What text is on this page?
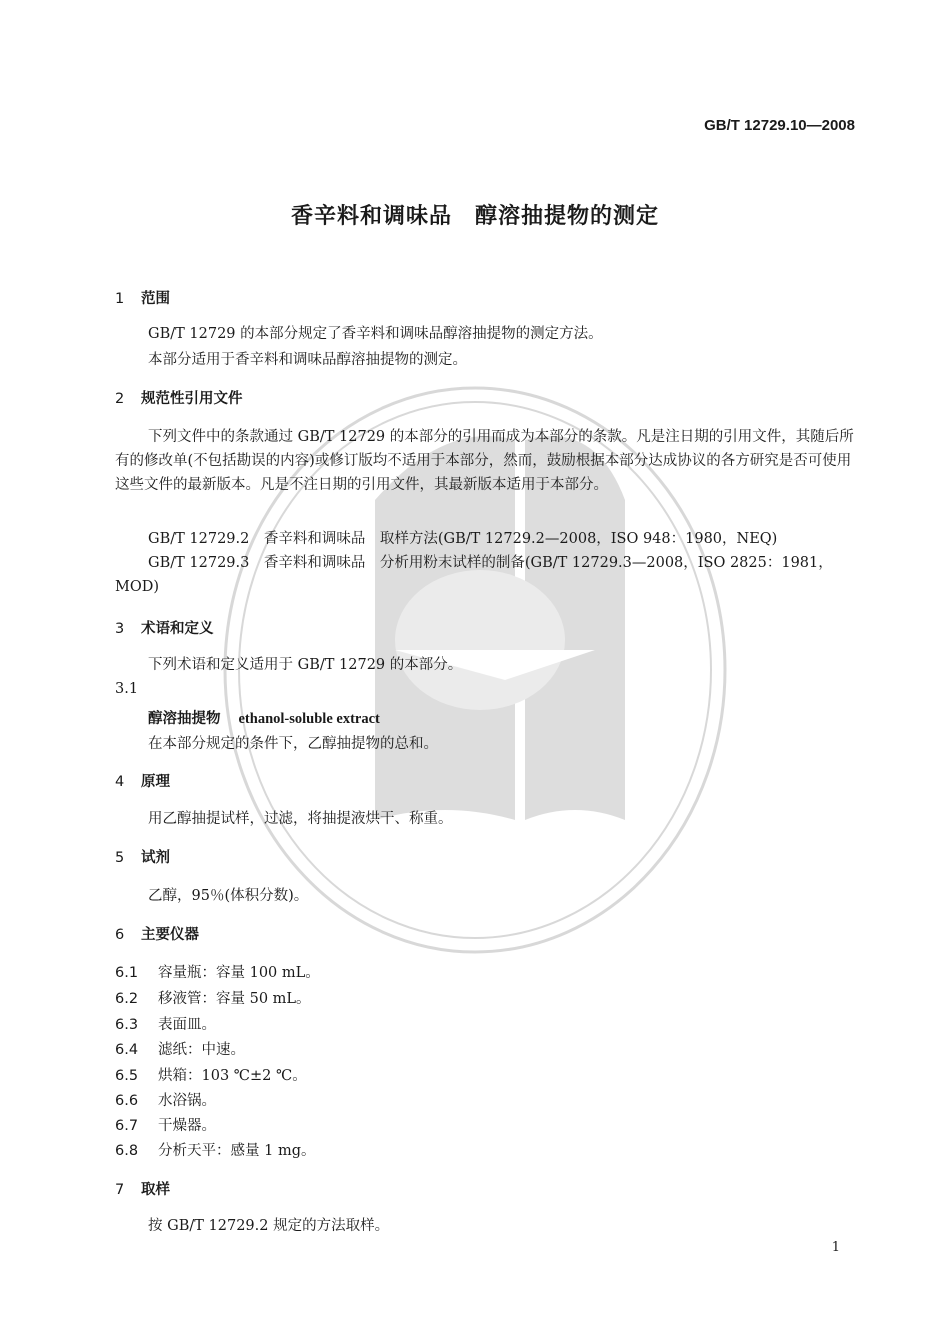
GB/T 12729.10—2008
香辛料和调味品　醇溶抽提物的测定
1 范围
GB/T 12729 的本部分规定了香辛料和调味品醇溶抽提物的测定方法。
本部分适用于香辛料和调味品醇溶抽提物的测定。
2 规范性引用文件
下列文件中的条款通过 GB/T 12729 的本部分的引用而成为本部分的条款。凡是注日期的引用文件，其随后所有的修改单(不包括勘误的内容)或修订版均不适用于本部分，然而，鼓励根据本部分达成协议的各方研究是否可使用这些文件的最新版本。凡是不注日期的引用文件，其最新版本适用于本部分。
GB/T 12729.2　香辛料和调味品　取样方法(GB/T 12729.2—2008，ISO 948：1980，NEQ)
GB/T 12729.3　香辛料和调味品　分析用粉末试样的制备(GB/T 12729.3—2008，ISO 2825：1981，MOD)
3 术语和定义
下列术语和定义适用于 GB/T 12729 的本部分。
3.1
醇溶抽提物 ethanol-soluble extract
在本部分规定的条件下，乙醇抽提物的总和。
4 原理
用乙醇抽提试样，过滤，将抽提液烘干、称重。
5 试剂
乙醇，95％(体积分数)。
6 主要仪器
6.1 容量瓶：容量 100 mL。
6.2 移液管：容量 50 mL。
6.3 表面皿。
6.4 滤纸：中速。
6.5 烘箱：103 ℃±2 ℃。
6.6 水浴锅。
6.7 干燥器。
6.8 分析天平：感量 1 mg。
7 取样
按 GB/T 12729.2 规定的方法取样。
1
